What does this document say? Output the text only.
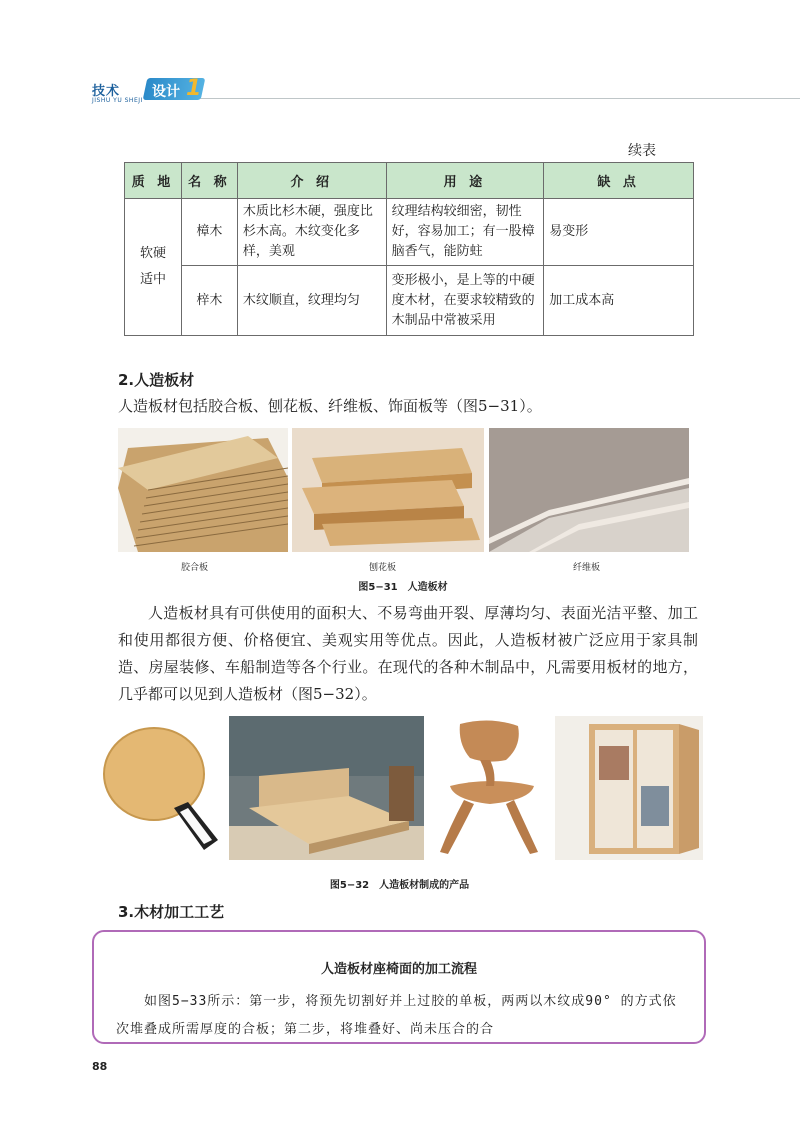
技术
JISHU YU SHEJI
设计 1
续表
质 地	名 称	介 绍	用 途	缺 点
软硬适中	樟木	木质比杉木硬，强度比杉木高。木纹变化多样，美观	纹理结构较细密，韧性好，容易加工；有一股樟脑香气，能防蛀	易变形
	梓木	木纹顺直，纹理均匀	变形极小，是上等的中硬度木材，在要求较精致的木制品中常被采用	加工成本高
2.人造板材
人造板材包括胶合板、刨花板、纤维板、饰面板等（图5−31）。
胶合板	刨花板	纤维板
图5−31　人造板材
人造板材具有可供使用的面积大、不易弯曲开裂、厚薄均匀、表面光洁平整、加工和使用都很方便、价格便宜、美观实用等优点。因此，人造板材被广泛应用于家具制造、房屋装修、车船制造等各个行业。在现代的各种木制品中，凡需要用板材的地方，几乎都可以见到人造板材（图5−32）。
图5−32　人造板材制成的产品
3.木材加工工艺
人造板材座椅面的加工流程
　　如图5−33所示：第一步，将预先切割好并上过胶的单板，两两以木纹成90° 的方式依次堆叠成所需厚度的合板；第二步，将堆叠好、尚未压合的合
88
